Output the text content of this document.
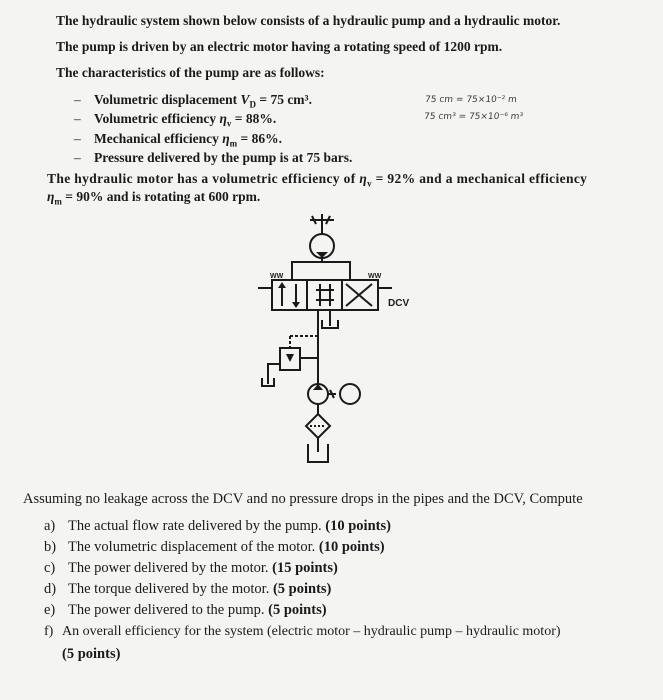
The hydraulic system shown below consists of a hydraulic pump and a hydraulic motor.
The pump is driven by an electric motor having a rotating speed of 1200 rpm.
The characteristics of the pump are as follows:
– Volumetric displacement $V_D = 75$ cm³.
– Volumetric efficiency $\eta_v = 88\%$.
– Mechanical efficiency $\eta_m = 86\%$.
– Pressure delivered by the pump is at 75 bars.
75 cm = 75×10⁻² m
75 cm³ = 75×10⁻⁶ m³
The hydraulic motor has a volumetric efficiency of $\eta_v = 92\%$ and a mechanical efficiency
$\eta_m = 90\%$ and is rotating at 600 rpm.
WW	WW
DCV
Assuming no leakage across the DCV and no pressure drops in the pipes and the DCV, Compute
a) The actual flow rate delivered by the pump. (10 points)
b) The volumetric displacement of the motor. (10 points)
c) The power delivered by the motor. (15 points)
d) The torque delivered by the motor. (5 points)
e) The power delivered to the pump. (5 points)
f) An overall efficiency for the system (electric motor – hydraulic pump – hydraulic motor)
(5 points)
